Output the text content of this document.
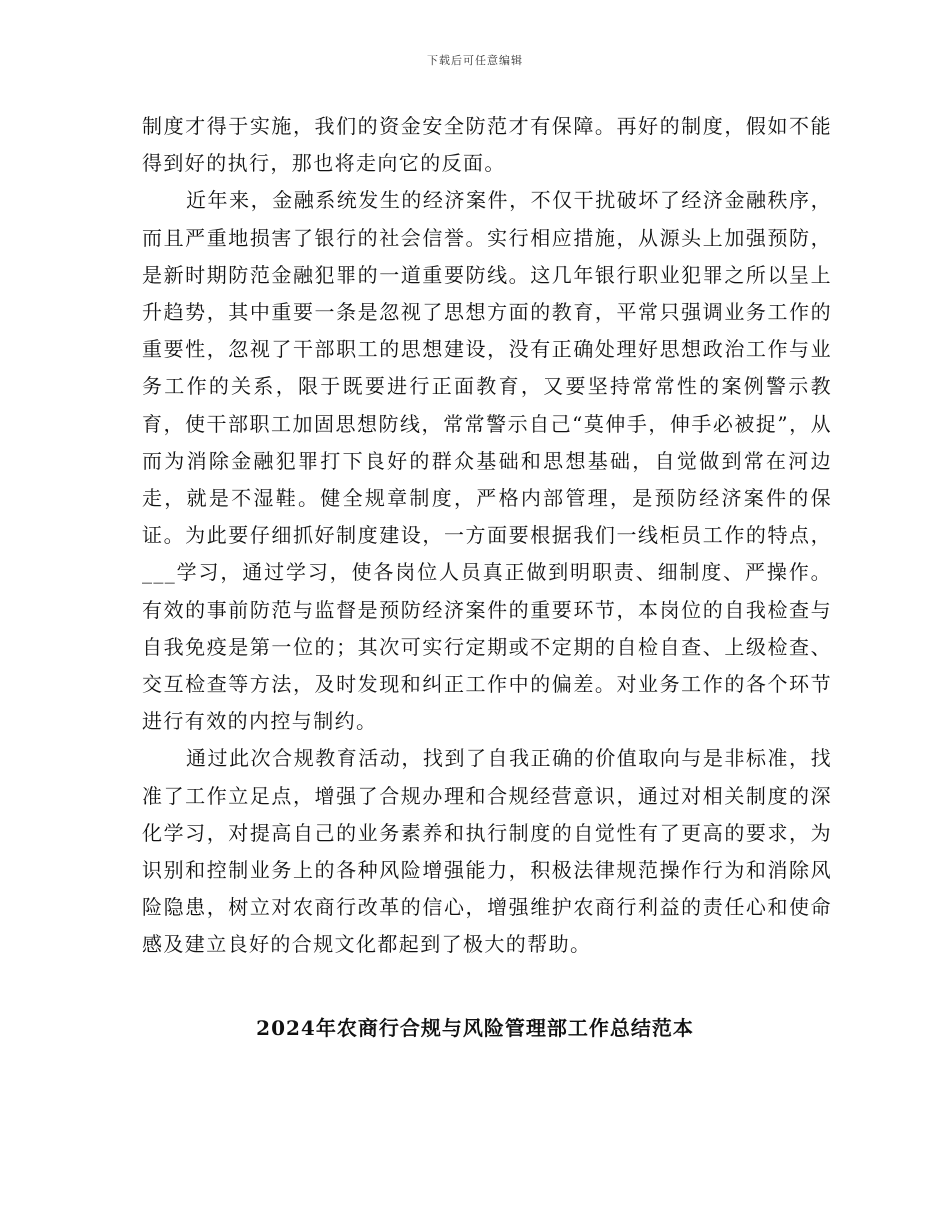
下载后可任意编辑

制度才得于实施，我们的资金安全防范才有保障。再好的制度，假如不能得到好的执行，那也将走向它的反面。

近年来，金融系统发生的经济案件，不仅干扰破坏了经济金融秩序，而且严重地损害了银行的社会信誉。实行相应措施，从源头上加强预防，是新时期防范金融犯罪的一道重要防线。这几年银行职业犯罪之所以呈上升趋势，其中重要一条是忽视了思想方面的教育，平常只强调业务工作的重要性，忽视了干部职工的思想建设，没有正确处理好思想政治工作与业务工作的关系，限于既要进行正面教育，又要坚持常常性的案例警示教育，使干部职工加固思想防线，常常警示自己“莫伸手，伸手必被捉”，从而为消除金融犯罪打下良好的群众基础和思想基础，自觉做到常在河边走，就是不湿鞋。健全规章制度，严格内部管理，是预防经济案件的保证。为此要仔细抓好制度建设，一方面要根据我们一线柜员工作的特点，___学习，通过学习，使各岗位人员真正做到明职责、细制度、严操作。有效的事前防范与监督是预防经济案件的重要环节，本岗位的自我检查与自我免疫是第一位的；其次可实行定期或不定期的自检自查、上级检查、交互检查等方法，及时发现和纠正工作中的偏差。对业务工作的各个环节进行有效的内控与制约。

通过此次合规教育活动，找到了自我正确的价值取向与是非标准，找准了工作立足点，增强了合规办理和合规经营意识，通过对相关制度的深化学习，对提高自己的业务素养和执行制度的自觉性有了更高的要求，为识别和控制业务上的各种风险增强能力，积极法律规范操作行为和消除风险隐患，树立对农商行改革的信心，增强维护农商行利益的责任心和使命感及建立良好的合规文化都起到了极大的帮助。

2024年农商行合规与风险管理部工作总结范本
